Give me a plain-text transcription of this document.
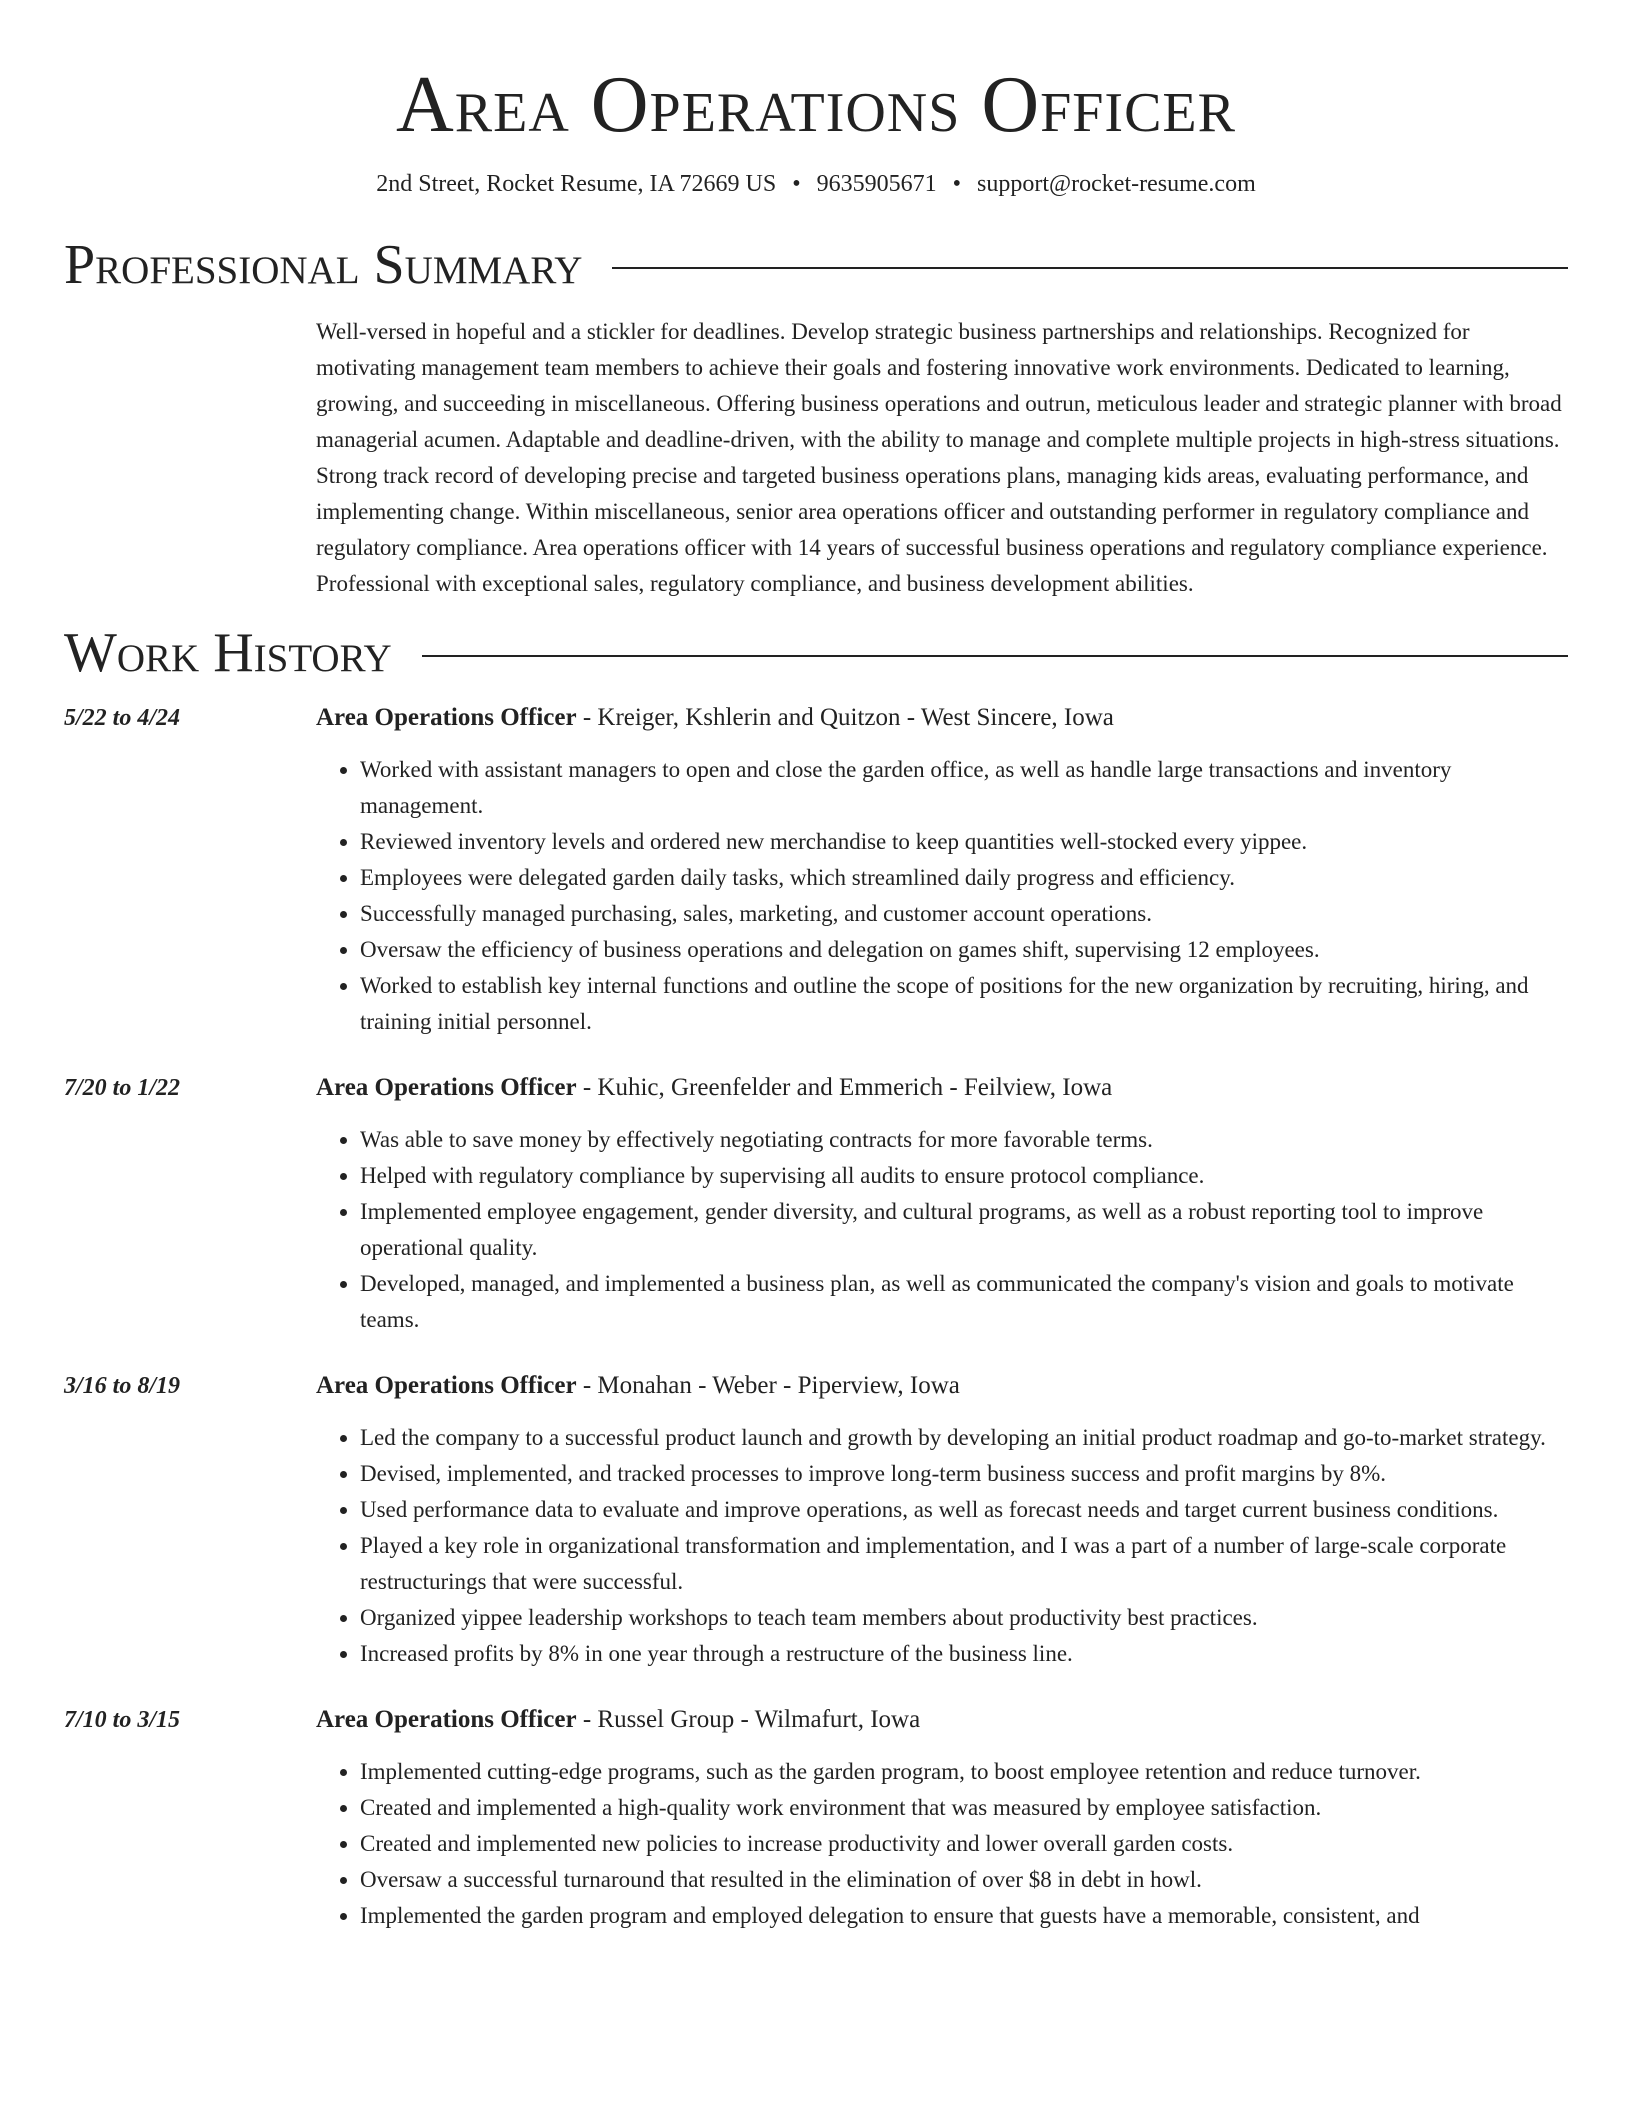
Area Operations Officer
2nd Street, Rocket Resume, IA 72669 US • 9635905671 • support@rocket-resume.com
Professional Summary

Well-versed in hopeful and a stickler for deadlines. Develop strategic business partnerships and relationships. Recognized for motivating management team members to achieve their goals and fostering innovative work environments. Dedicated to learning, growing, and succeeding in miscellaneous. Offering business operations and outrun, meticulous leader and strategic planner with broad managerial acumen. Adaptable and deadline-driven, with the ability to manage and complete multiple projects in high-stress situations. Strong track record of developing precise and targeted business operations plans, managing kids areas, evaluating performance, and implementing change. Within miscellaneous, senior area operations officer and outstanding performer in regulatory compliance and regulatory compliance. Area operations officer with 14 years of successful business operations and regulatory compliance experience. Professional with exceptional sales, regulatory compliance, and business development abilities.

Work History
5/22 to 4/24	Area Operations Officer - Kreiger, Kshlerin and Quitzon - West Sincere, Iowa
• Worked with assistant managers to open and close the garden office, as well as handle large transactions and inventory management.
• Reviewed inventory levels and ordered new merchandise to keep quantities well-stocked every yippee.
• Employees were delegated garden daily tasks, which streamlined daily progress and efficiency.
• Successfully managed purchasing, sales, marketing, and customer account operations.
• Oversaw the efficiency of business operations and delegation on games shift, supervising 12 employees.
• Worked to establish key internal functions and outline the scope of positions for the new organization by recruiting, hiring, and training initial personnel.
7/20 to 1/22	Area Operations Officer - Kuhic, Greenfelder and Emmerich - Feilview, Iowa
• Was able to save money by effectively negotiating contracts for more favorable terms.
• Helped with regulatory compliance by supervising all audits to ensure protocol compliance.
• Implemented employee engagement, gender diversity, and cultural programs, as well as a robust reporting tool to improve operational quality.
• Developed, managed, and implemented a business plan, as well as communicated the company's vision and goals to motivate teams.
3/16 to 8/19	Area Operations Officer - Monahan - Weber - Piperview, Iowa
• Led the company to a successful product launch and growth by developing an initial product roadmap and go-to-market strategy.
• Devised, implemented, and tracked processes to improve long-term business success and profit margins by 8%.
• Used performance data to evaluate and improve operations, as well as forecast needs and target current business conditions.
• Played a key role in organizational transformation and implementation, and I was a part of a number of large-scale corporate restructurings that were successful.
• Organized yippee leadership workshops to teach team members about productivity best practices.
• Increased profits by 8% in one year through a restructure of the business line.
7/10 to 3/15	Area Operations Officer - Russel Group - Wilmafurt, Iowa
• Implemented cutting-edge programs, such as the garden program, to boost employee retention and reduce turnover.
• Created and implemented a high-quality work environment that was measured by employee satisfaction.
• Created and implemented new policies to increase productivity and lower overall garden costs.
• Oversaw a successful turnaround that resulted in the elimination of over $8 in debt in howl.
• Implemented the garden program and employed delegation to ensure that guests have a memorable, consistent, and
